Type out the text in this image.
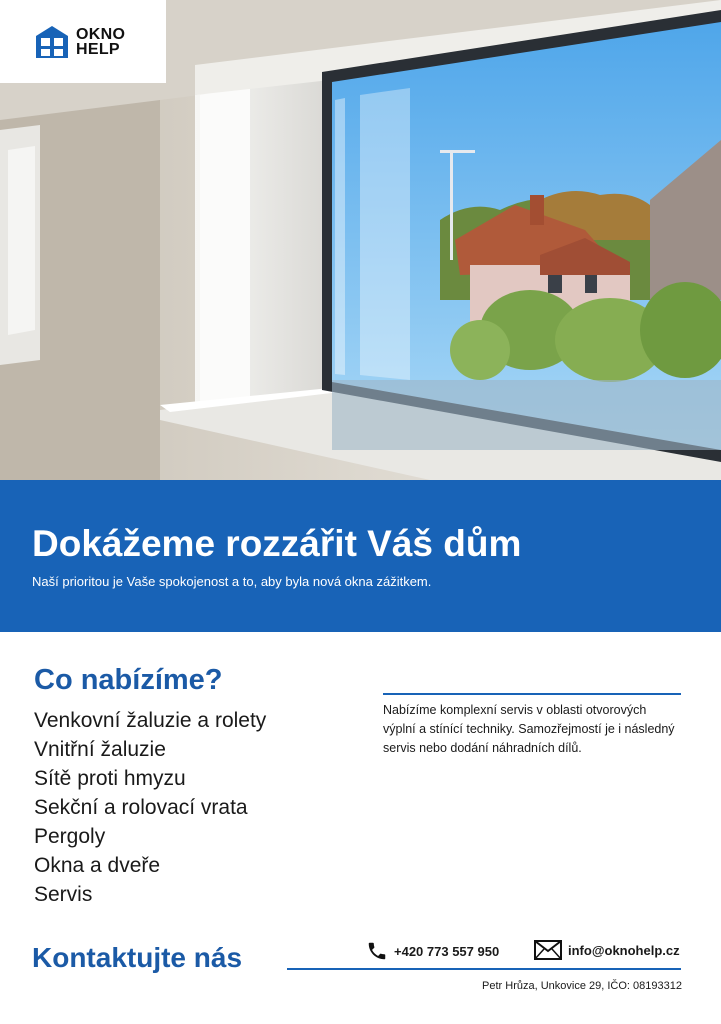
OKNO
HELP
Dokážeme rozzářit Váš dům

Naší prioritou je Vaše spokojenost a to, aby byla nová okna zážitkem.

Co nabízíme?
Venkovní žaluzie a rolety
Vnitřní žaluzie
Sítě proti hmyzu
Sekční a rolovací vrata
Pergoly
Okna a dveře
Servis
Nabízíme komplexní servis v oblasti otvorových výplní a stínící techniky. Samozřejmostí je i následný servis nebo dodání náhradních dílů.
Kontaktujte nás	+420 773 557 950	info@oknohelp.cz
Petr Hrůza, Unkovice 29, IČO: 08193312
